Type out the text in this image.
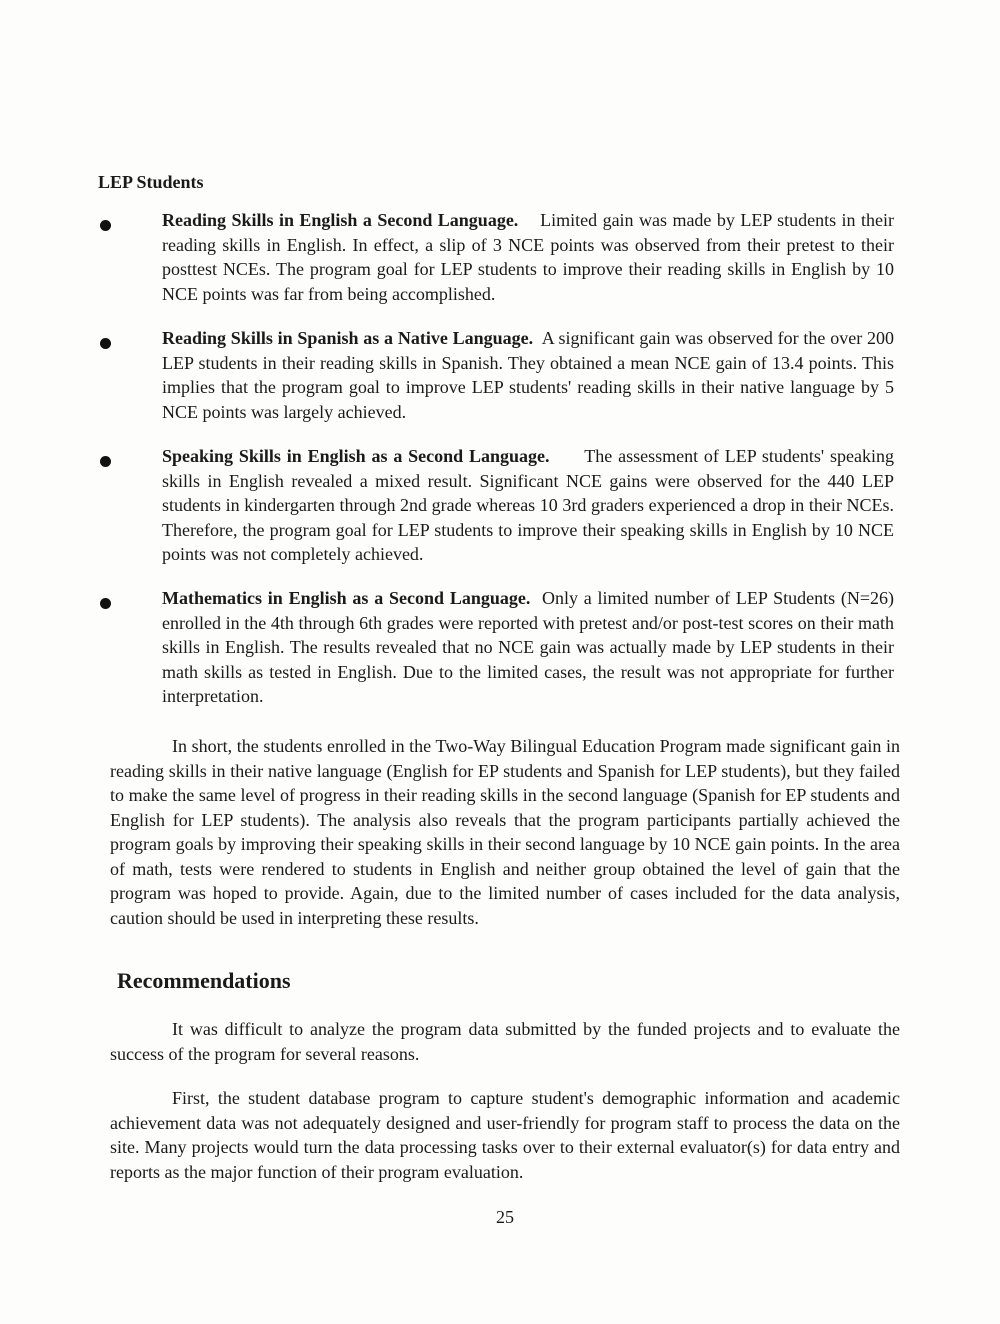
LEP Students

Reading Skills in English a Second Language. Limited gain was made by LEP students in their reading skills in English. In effect, a slip of 3 NCE points was observed from their pretest to their posttest NCEs. The program goal for LEP students to improve their reading skills in English by 10 NCE points was far from being accomplished.

Reading Skills in Spanish as a Native Language. A significant gain was observed for the over 200 LEP students in their reading skills in Spanish. They obtained a mean NCE gain of 13.4 points. This implies that the program goal to improve LEP students' reading skills in their native language by 5 NCE points was largely achieved.

Speaking Skills in English as a Second Language. The assessment of LEP students' speaking skills in English revealed a mixed result. Significant NCE gains were observed for the 440 LEP students in kindergarten through 2nd grade whereas 10 3rd graders experienced a drop in their NCEs. Therefore, the program goal for LEP students to improve their speaking skills in English by 10 NCE points was not completely achieved.

Mathematics in English as a Second Language. Only a limited number of LEP Students (N=26) enrolled in the 4th through 6th grades were reported with pretest and/or post-test scores on their math skills in English. The results revealed that no NCE gain was actually made by LEP students in their math skills as tested in English. Due to the limited cases, the result was not appropriate for further interpretation.

In short, the students enrolled in the Two-Way Bilingual Education Program made significant gain in reading skills in their native language (English for EP students and Spanish for LEP students), but they failed to make the same level of progress in their reading skills in the second language (Spanish for EP students and English for LEP students). The analysis also reveals that the program participants partially achieved the program goals by improving their speaking skills in their second language by 10 NCE gain points. In the area of math, tests were rendered to students in English and neither group obtained the level of gain that the program was hoped to provide. Again, due to the limited number of cases included for the data analysis, caution should be used in interpreting these results.

Recommendations

It was difficult to analyze the program data submitted by the funded projects and to evaluate the success of the program for several reasons.

First, the student database program to capture student's demographic information and academic achievement data was not adequately designed and user-friendly for program staff to process the data on the site. Many projects would turn the data processing tasks over to their external evaluator(s) for data entry and reports as the major function of their program evaluation.

25
